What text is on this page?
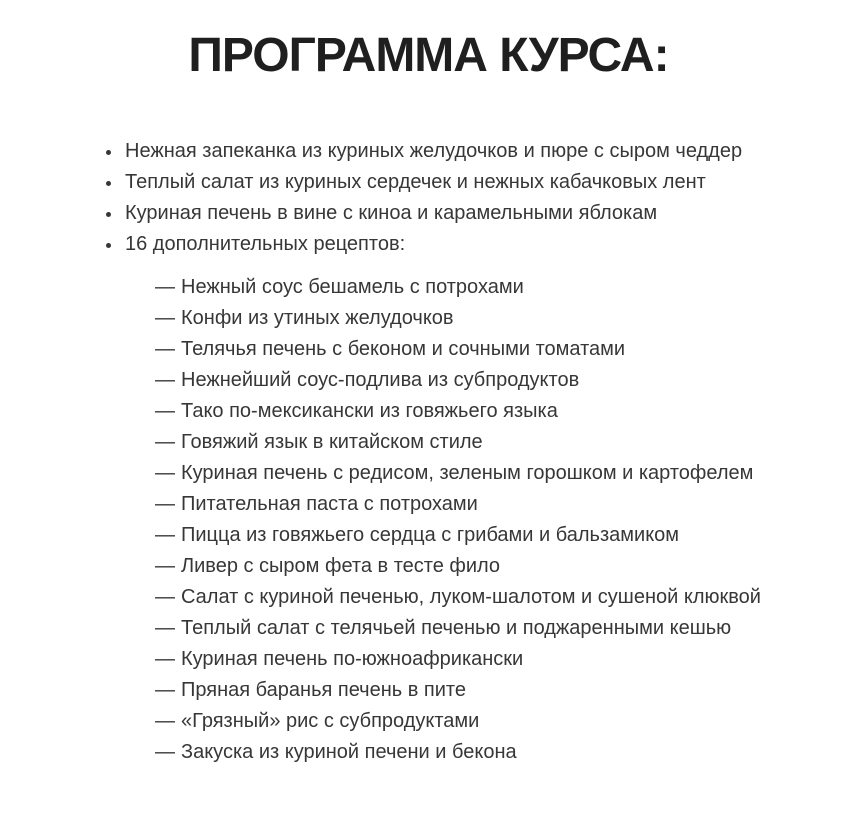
ПРОГРАММА КУРСА:
Нежная запеканка из куриных желудочков и пюре с сыром чеддер
Теплый салат из куриных сердечек и нежных кабачковых лент
Куриная печень в вине с киноа и карамельными яблокам
16 дополнительных рецептов:
— Нежный соус бешамель с потрохами
— Конфи из утиных желудочков
— Телячья печень с беконом и сочными томатами
— Нежнейший соус-подлива из субпродуктов
— Тако по-мексикански из говяжьего языка
— Говяжий язык в китайском стиле
— Куриная печень с редисом, зеленым горошком и картофелем
— Питательная паста с потрохами
— Пицца из говяжьего сердца с грибами и бальзамиком
— Ливер с сыром фета в тесте фило
— Салат с куриной печенью, луком-шалотом и сушеной клюквой
— Теплый салат с телячьей печенью и поджаренными кешью
— Куриная печень по-южноафрикански
— Пряная баранья печень в пите
— «Грязный» рис с субпродуктами
— Закуска из куриной печени и бекона
